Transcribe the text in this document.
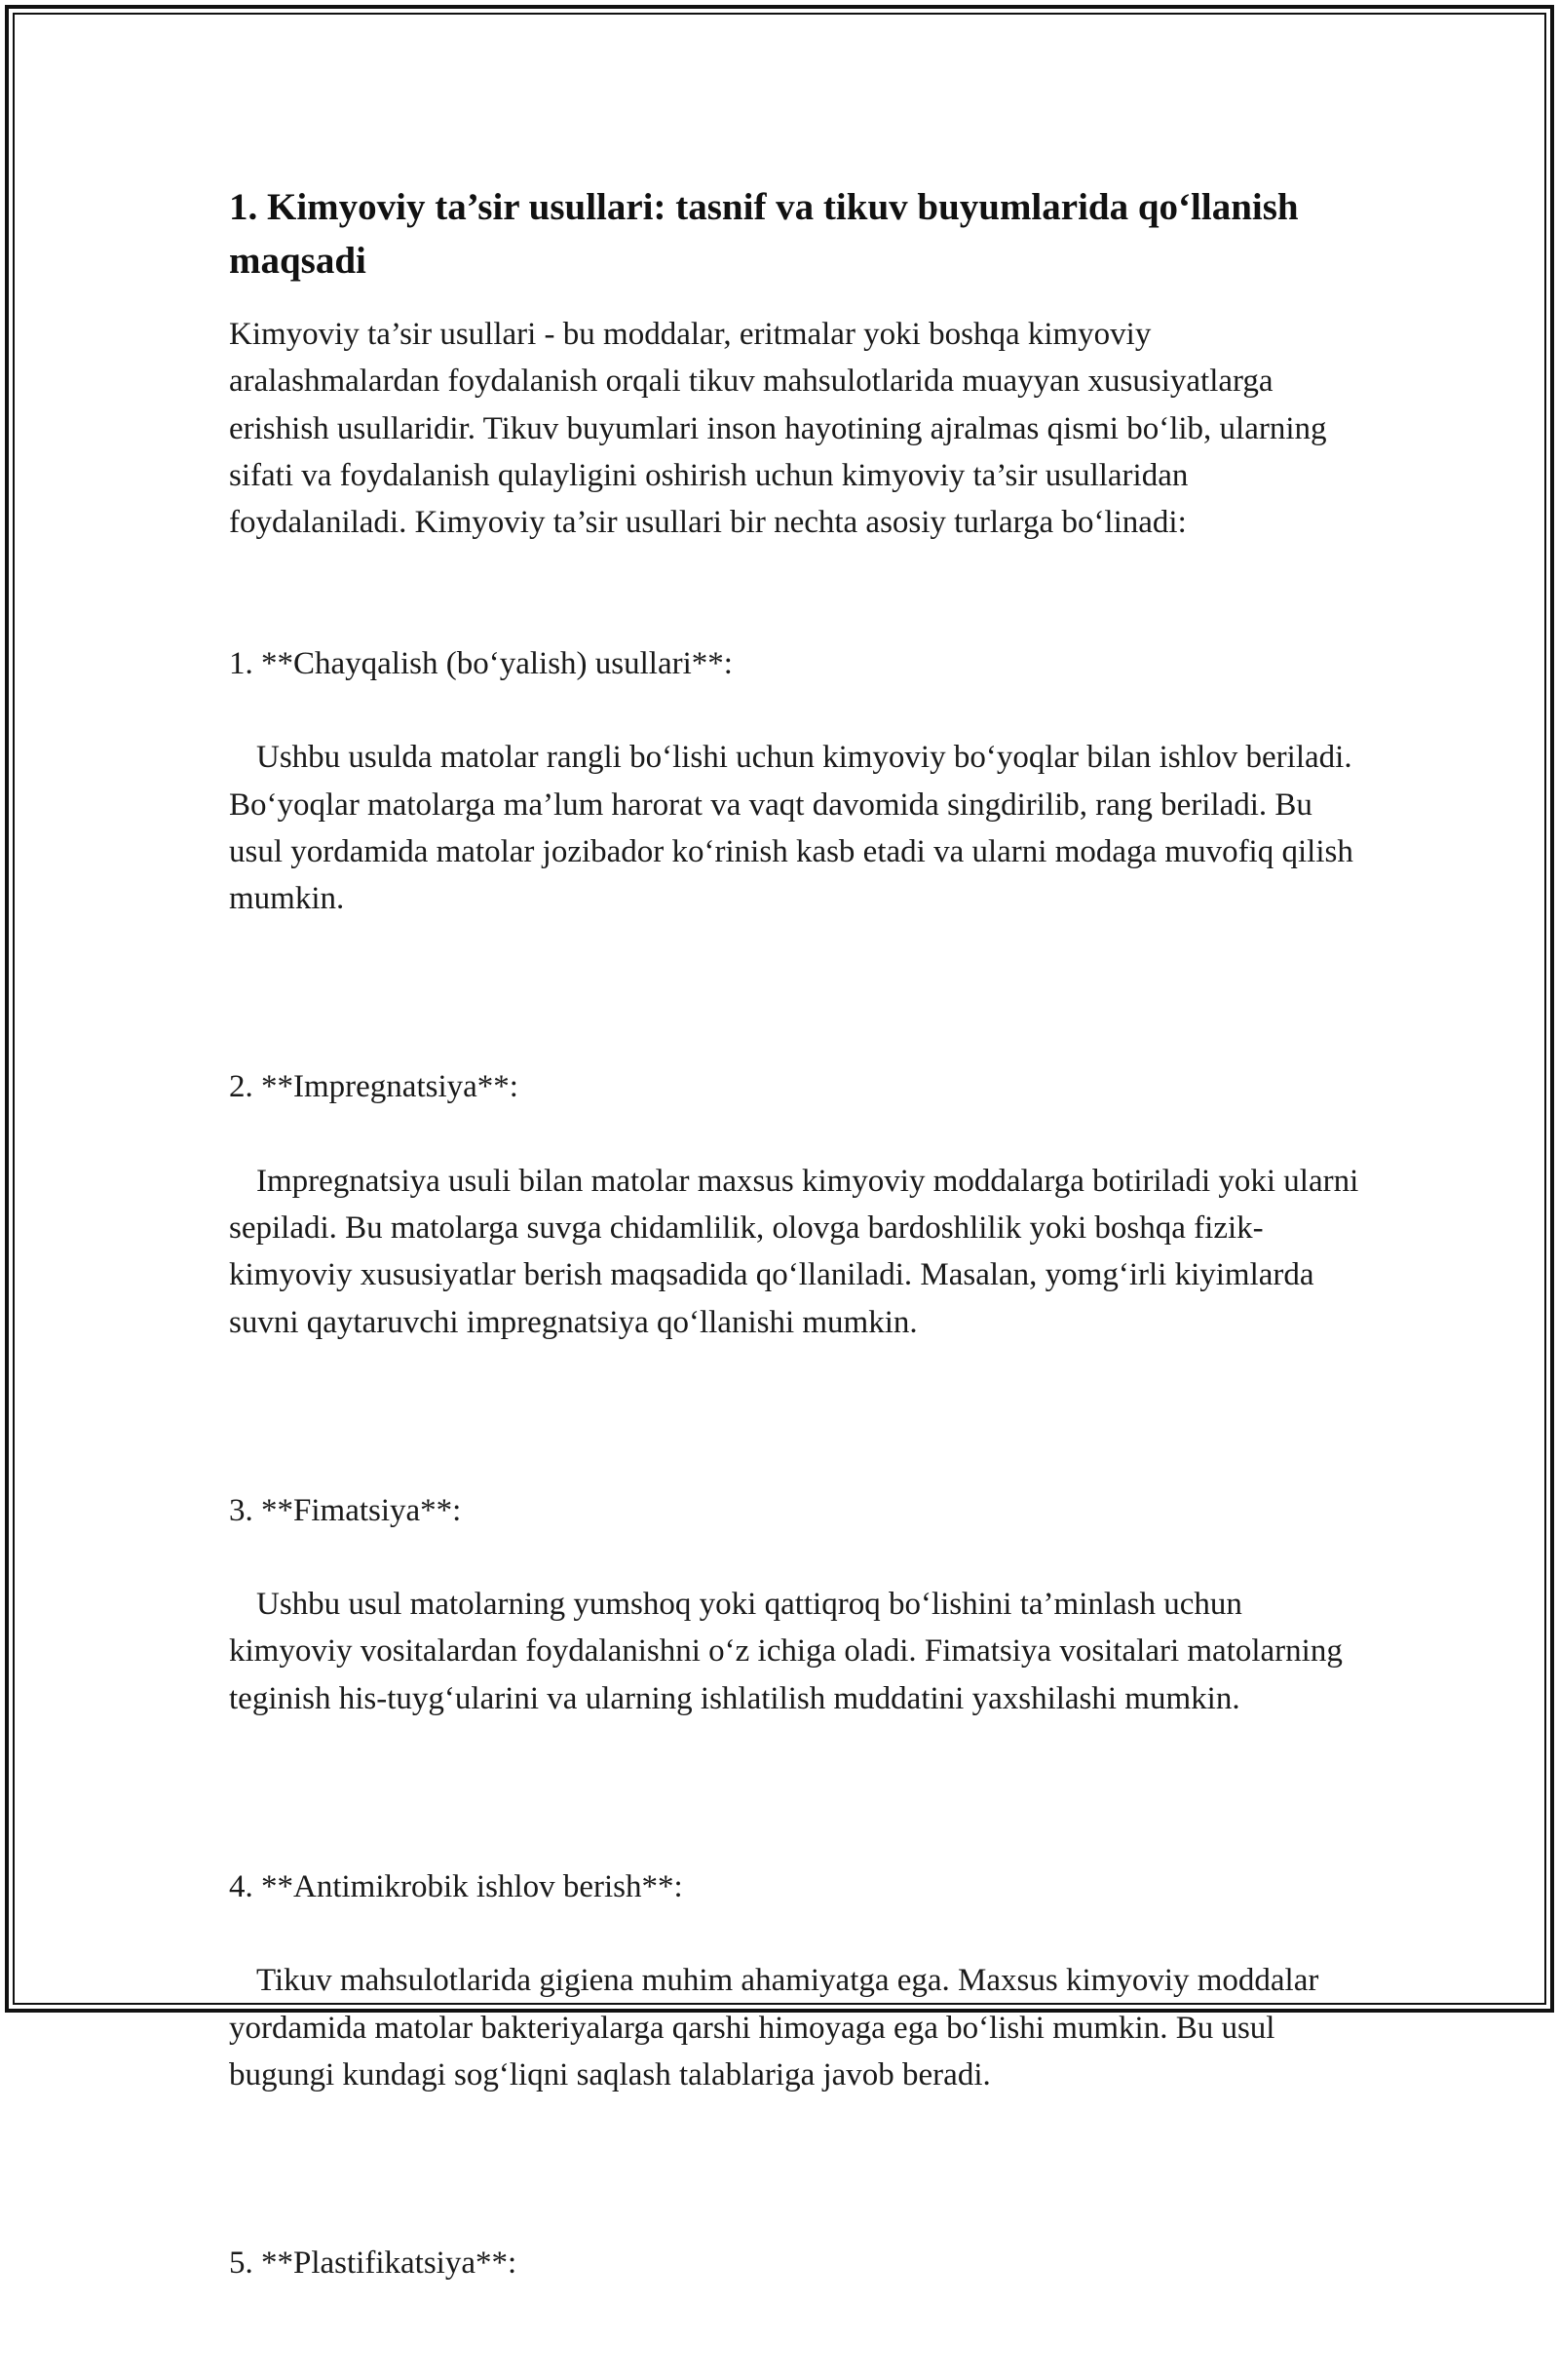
1. Kimyoviy ta’sir usullari: tasnif va tikuv buyumlarida qo‘llanish maqsadi

Kimyoviy ta’sir usullari - bu moddalar, eritmalar yoki boshqa kimyoviy aralashmalardan foydalanish orqali tikuv mahsulotlarida muayyan xususiyatlarga erishish usullaridir. Tikuv buyumlari inson hayotining ajralmas qismi bo‘lib, ularning sifati va foydalanish qulayligini oshirish uchun kimyoviy ta’sir usullaridan foydalaniladi. Kimyoviy ta’sir usullari bir nechta asosiy turlarga bo‘linadi:

1. **Chayqalish (bo‘yalish) usullari**:

Ushbu usulda matolar rangli bo‘lishi uchun kimyoviy bo‘yoqlar bilan ishlov beriladi. Bo‘yoqlar matolarga ma’lum harorat va vaqt davomida singdirilib, rang beriladi. Bu usul yordamida matolar jozibador ko‘rinish kasb etadi va ularni modaga muvofiq qilish mumkin.

2. **Impregnatsiya**:

Impregnatsiya usuli bilan matolar maxsus kimyoviy moddalarga botiriladi yoki ularni sepiladi. Bu matolarga suvga chidamlilik, olovga bardoshlilik yoki boshqa fizik-kimyoviy xususiyatlar berish maqsadida qo‘llaniladi. Masalan, yomg‘irli kiyimlarda suvni qaytaruvchi impregnatsiya qo‘llanishi mumkin.

3. **Fimatsiya**:

Ushbu usul matolarning yumshoq yoki qattiqroq bo‘lishini ta’minlash uchun kimyoviy vositalardan foydalanishni o‘z ichiga oladi. Fimatsiya vositalari matolarning teginish his-tuyg‘ularini va ularning ishlatilish muddatini yaxshilashi mumkin.

4. **Antimikrobik ishlov berish**:

Tikuv mahsulotlarida gigiena muhim ahamiyatga ega. Maxsus kimyoviy moddalar yordamida matolar bakteriyalarga qarshi himoyaga ega bo‘lishi mumkin. Bu usul bugungi kundagi sog‘liqni saqlash talablariga javob beradi.

5. **Plastifikatsiya**:
